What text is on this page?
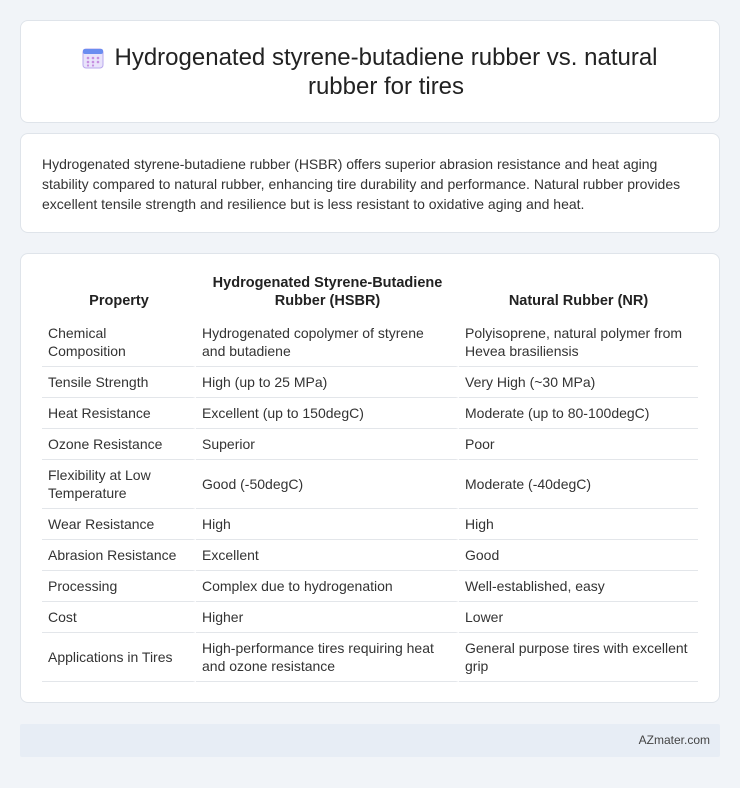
Hydrogenated styrene-butadiene rubber vs. natural rubber for tires

Hydrogenated styrene-butadiene rubber (HSBR) offers superior abrasion resistance and heat aging stability compared to natural rubber, enhancing tire durability and performance. Natural rubber provides excellent tensile strength and resilience but is less resistant to oxidative aging and heat.

Property	Hydrogenated Styrene-Butadiene Rubber (HSBR)	Natural Rubber (NR)
Chemical Composition	Hydrogenated copolymer of styrene and butadiene	Polyisoprene, natural polymer from Hevea brasiliensis
Tensile Strength	High (up to 25 MPa)	Very High (~30 MPa)
Heat Resistance	Excellent (up to 150degC)	Moderate (up to 80-100degC)
Ozone Resistance	Superior	Poor
Flexibility at Low Temperature	Good (-50degC)	Moderate (-40degC)
Wear Resistance	High	High
Abrasion Resistance	Excellent	Good
Processing	Complex due to hydrogenation	Well-established, easy
Cost	Higher	Lower
Applications in Tires	High-performance tires requiring heat and ozone resistance	General purpose tires with excellent grip
AZmater.com
